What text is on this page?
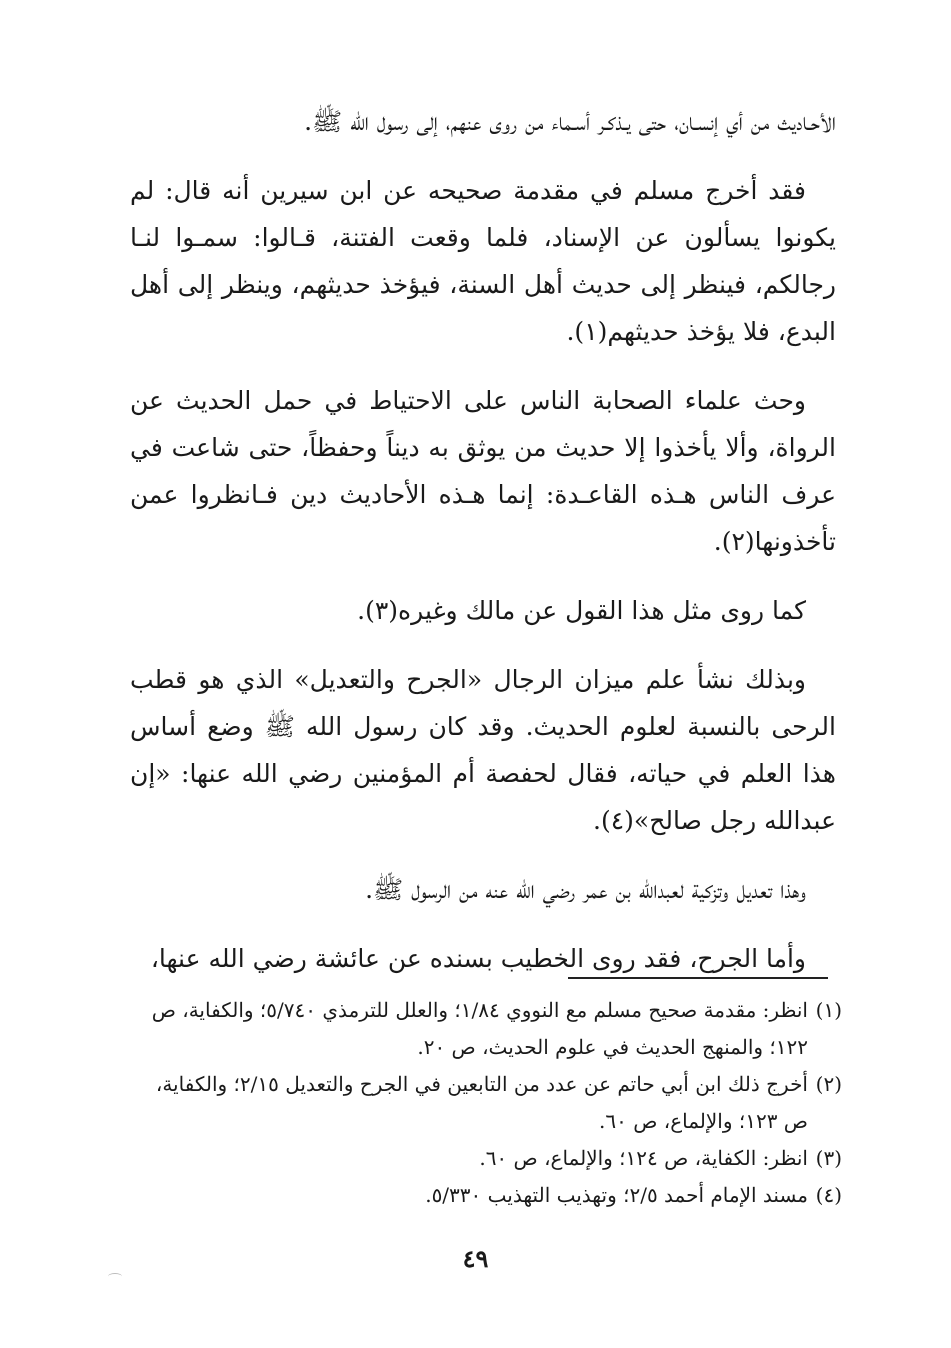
الأحـاديث من أي إنسـان، حتى يـذكـر أسـماء من روى عنهم، إلى رسول الله ﷺ.

فقد أخرج مسلم في مقدمة صحيحه عن ابن سيرين أنه قال: لم يكونوا يسألون عن الإسناد، فلما وقعت الفتنة، قـالوا: سمـوا لنـا رجالكم، فينظر إلى حديث أهل السنة، فيؤخذ حديثهم، وينظر إلى أهل البدع، فلا يؤخذ حديثهم(١).

وحث علماء الصحابة الناس على الاحتياط في حمل الحديث عن الرواة، وألا يأخذوا إلا حديث من يوثق به ديناً وحفظاً، حتى شاعت في عرف الناس هـذه القاعـدة: إنما هـذه الأحاديث دين فـانظروا عمن تأخذونها(٢).

كما روى مثل هذا القول عن مالك وغيره(٣).

وبذلك نشأ علم ميزان الرجال «الجرح والتعديل» الذي هو قطب الرحى بالنسبة لعلوم الحديث. وقد كان رسول الله ﷺ وضع أساس هذا العلم في حياته، فقال لحفصة أم المؤمنين رضي الله عنها: «إن عبدالله رجل صالح»(٤).

وهذا تعديل وتزكية لعبدالله بن عمر رضي الله عنه من الرسول ﷺ.

وأما الجرح، فقد روى الخطيب بسنده عن عائشة رضي الله عنها،

(١)انظر: مقدمة صحيح مسلم مع النووي ١/٨٤؛ والعلل للترمذي ٥/٧٤٠؛ والكفاية، ص ١٢٢؛ والمنهج الحديث في علوم الحديث، ص ٢٠.

(٢)أخرج ذلك ابن أبي حاتم عن عدد من التابعين في الجرح والتعديل ٢/١٥؛ والكفاية، ص ١٢٣؛ والإلماع، ص ٦٠.

(٣)انظر: الكفاية، ص ١٢٤؛ والإلماع، ص ٦٠.

(٤)مسند الإمام أحمد ٢/٥؛ وتهذيب التهذيب ٥/٣٣٠.

٤٩
